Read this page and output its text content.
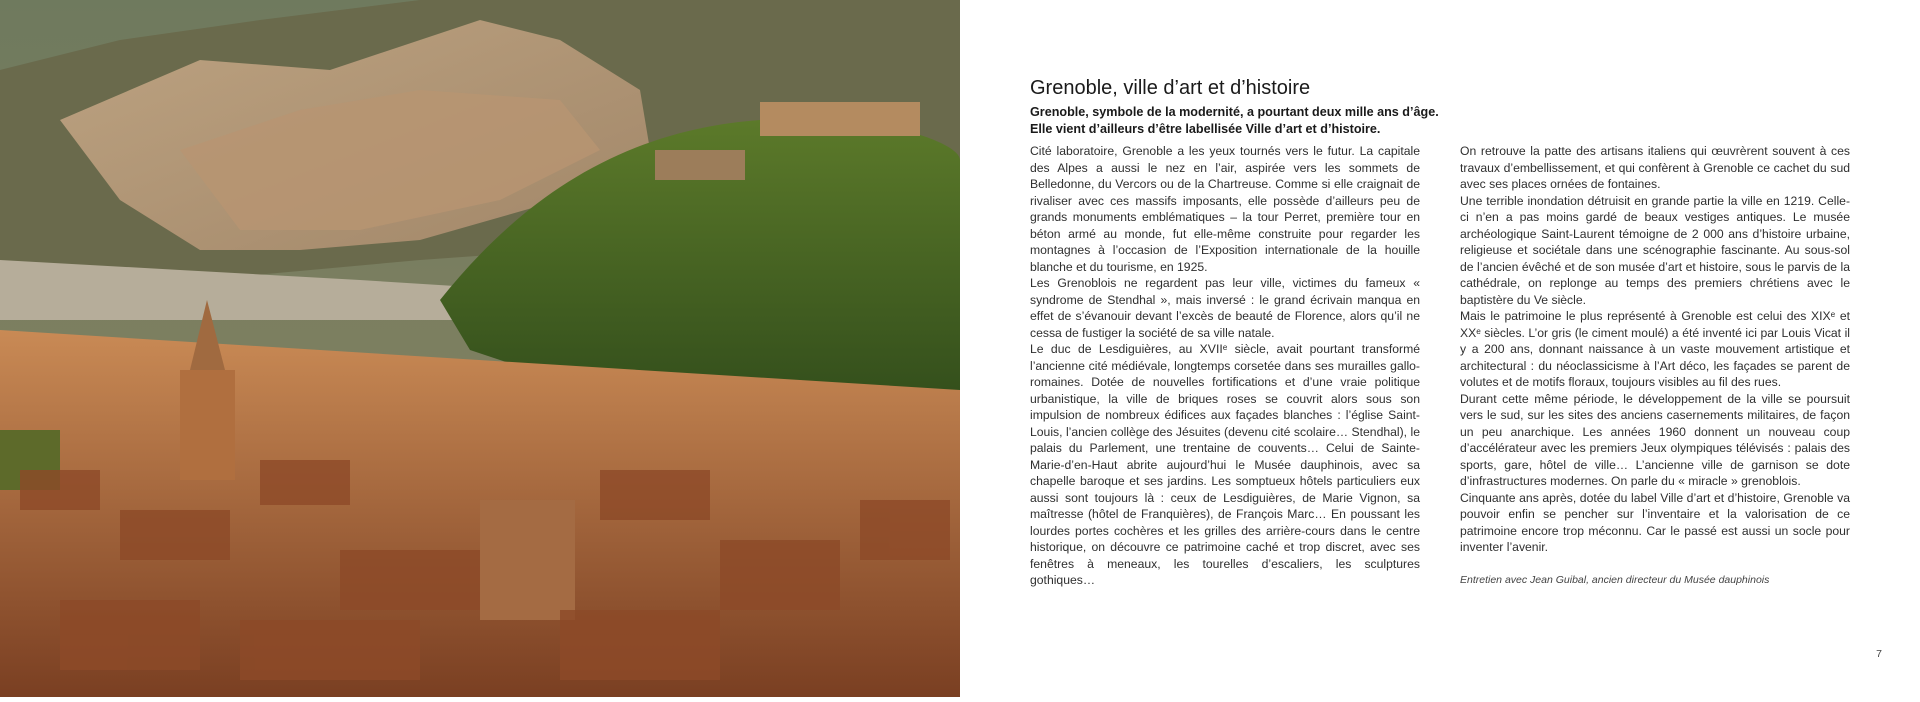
Grenoble, ville d’art et d’histoire
Grenoble, symbole de la modernité, a pourtant deux mille ans d’âge.
Elle vient d’ailleurs d’être labellisée Ville d’art et d’histoire.

Cité laboratoire, Grenoble a les yeux tournés vers le futur. La capitale des Alpes a aussi le nez en l’air, aspirée vers les sommets de Belledonne, du Vercors ou de la Chartreuse. Comme si elle craignait de rivaliser avec ces massifs imposants, elle possède d’ailleurs peu de grands monuments emblématiques – la tour Perret, première tour en béton armé au monde, fut elle-même construite pour regarder les montagnes à l’occasion de l’Exposition internationale de la houille blanche et du tourisme, en 1925.

Les Grenoblois ne regardent pas leur ville, victimes du fameux « syndrome de Stendhal », mais inversé : le grand écrivain manqua en effet de s’évanouir devant l’excès de beauté de Florence, alors qu’il ne cessa de fustiger la société de sa ville natale.

Le duc de Lesdiguières, au XVIIᵉ siècle, avait pourtant transformé l’ancienne cité médiévale, longtemps corsetée dans ses murailles gallo-romaines. Dotée de nouvelles fortifications et d’une vraie politique urbanistique, la ville de briques roses se couvrit alors sous son impulsion de nombreux édifices aux façades blanches : l’église Saint-Louis, l’ancien collège des Jésuites (devenu cité scolaire… Stendhal), le palais du Parlement, une trentaine de couvents… Celui de Sainte-Marie-d’en-Haut abrite aujourd’hui le Musée dauphinois, avec sa chapelle baroque et ses jardins. Les somptueux hôtels particuliers eux aussi sont toujours là : ceux de Lesdiguières, de Marie Vignon, sa maîtresse (hôtel de Franquières), de François Marc… En poussant les lourdes portes cochères et les grilles des arrière-cours dans le centre historique, on découvre ce patrimoine caché et trop discret, avec ses fenêtres à meneaux, les tourelles d’escaliers, les sculptures gothiques…

On retrouve la patte des artisans italiens qui œuvrèrent souvent à ces travaux d’embellissement, et qui confèrent à Grenoble ce cachet du sud avec ses places ornées de fontaines.

Une terrible inondation détruisit en grande partie la ville en 1219. Celle-ci n’en a pas moins gardé de beaux vestiges antiques. Le musée archéologique Saint-Laurent témoigne de 2 000 ans d’histoire urbaine, religieuse et sociétale dans une scénographie fascinante. Au sous-sol de l’ancien évêché et de son musée d’art et histoire, sous le parvis de la cathédrale, on replonge au temps des premiers chrétiens avec le baptistère du Ve siècle.

Mais le patrimoine le plus représenté à Grenoble est celui des XIXᵉ et XXᵉ siècles. L’or gris (le ciment moulé) a été inventé ici par Louis Vicat il y a 200 ans, donnant naissance à un vaste mouvement artistique et architectural : du néoclassicisme à l’Art déco, les façades se parent de volutes et de motifs floraux, toujours visibles au fil des rues.

Durant cette même période, le développement de la ville se poursuit vers le sud, sur les sites des anciens casernements militaires, de façon un peu anarchique. Les années 1960 donnent un nouveau coup d’accélérateur avec les premiers Jeux olympiques télévisés : palais des sports, gare, hôtel de ville… L’ancienne ville de garnison se dote d’infrastructures modernes. On parle du « miracle » grenoblois.

Cinquante ans après, dotée du label Ville d’art et d’histoire, Grenoble va pouvoir enfin se pencher sur l’inventaire et la valorisation de ce patrimoine encore trop méconnu. Car le passé est aussi un socle pour inventer l’avenir.

Entretien avec Jean Guibal, ancien directeur du Musée dauphinois
7
